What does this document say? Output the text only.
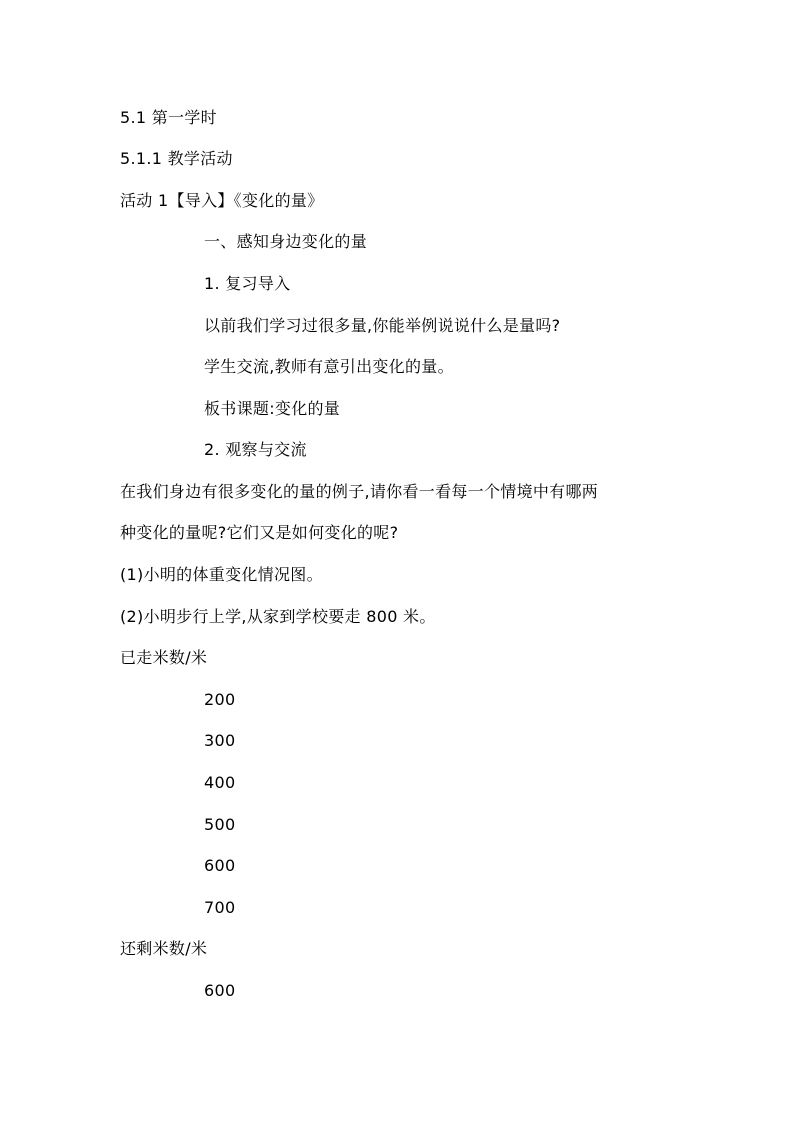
5.1 第一学时
5.1.1 教学活动
活动 1【导入】《变化的量》
一、感知身边变化的量
1. 复习导入
以前我们学习过很多量,你能举例说说什么是量吗?
学生交流,教师有意引出变化的量。
板书课题:变化的量
2. 观察与交流
在我们身边有很多变化的量的例子,请你看一看每一个情境中有哪两
种变化的量呢?它们又是如何变化的呢?
(1)小明的体重变化情况图。
(2)小明步行上学,从家到学校要走 800 米。
已走米数/米
200
300
400
500
600
700
还剩米数/米
600
